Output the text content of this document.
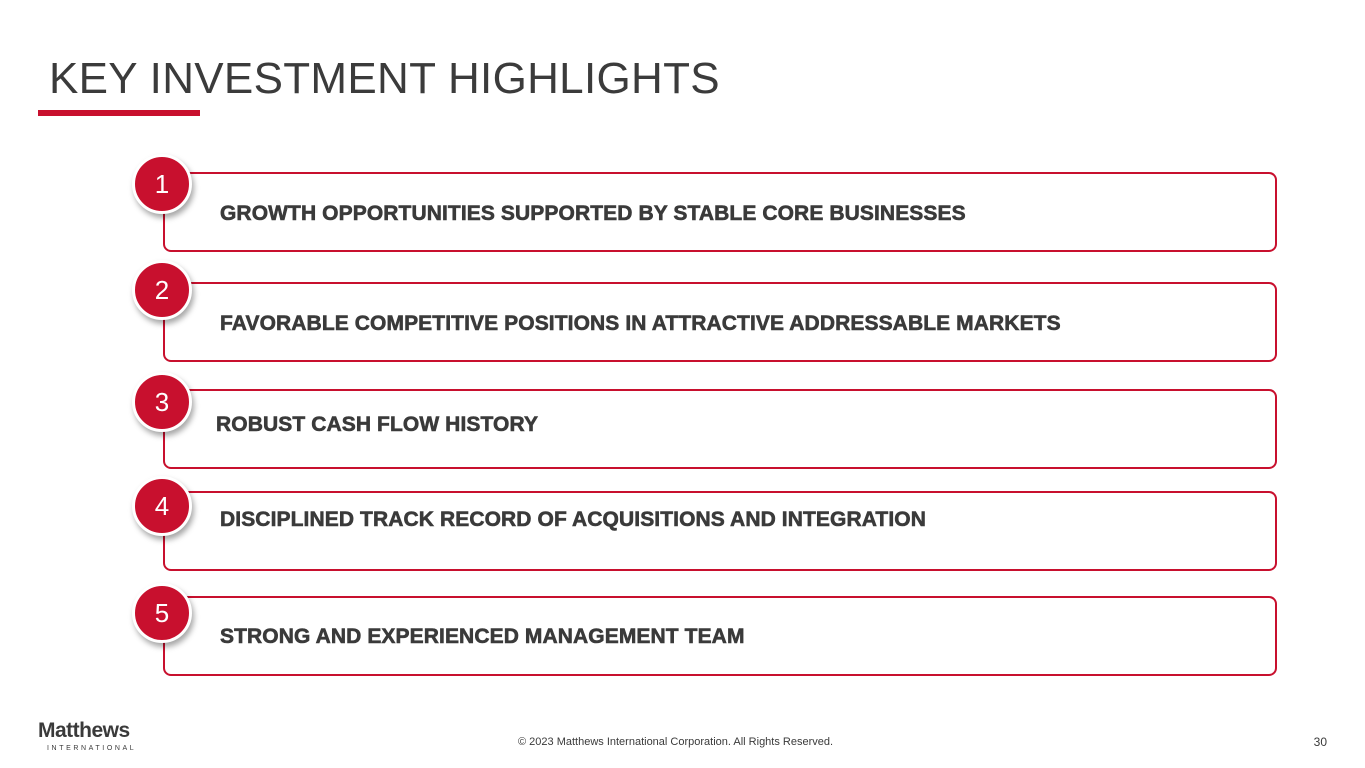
KEY INVESTMENT HIGHLIGHTS
GROWTH OPPORTUNITIES SUPPORTED BY STABLE CORE BUSINESSES
1
FAVORABLE COMPETITIVE POSITIONS IN ATTRACTIVE ADDRESSABLE MARKETS
2
ROBUST CASH FLOW HISTORY
3
DISCIPLINED TRACK RECORD OF ACQUISITIONS AND INTEGRATION
4
STRONG AND EXPERIENCED MANAGEMENT TEAM
5
Matthews
INTERNATIONAL
© 2023 Matthews International Corporation. All Rights Reserved.	30
